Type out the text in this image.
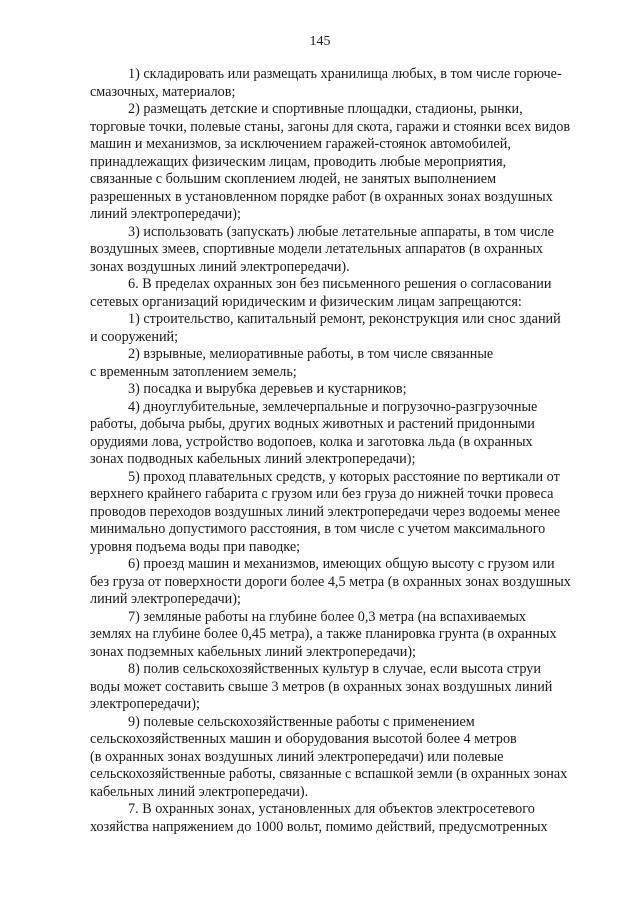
145

1) складировать или размещать хранилища любых, в том числе горюче-
смазочных, материалов;

2) размещать детские и спортивные площадки, стадионы, рынки,
торговые точки, полевые станы, загоны для скота, гаражи и стоянки всех видов
машин и механизмов, за исключением гаражей-стоянок автомобилей,
принадлежащих физическим лицам, проводить любые мероприятия,
связанные с большим скоплением людей, не занятых выполнением
разрешенных в установленном порядке работ (в охранных зонах воздушных
линий электропередачи);

3) использовать (запускать) любые летательные аппараты, в том числе
воздушных змеев, спортивные модели летательных аппаратов (в охранных
зонах воздушных линий электропередачи).

6. В пределах охранных зон без письменного решения о согласовании
сетевых организаций юридическим и физическим лицам запрещаются:

1) строительство, капитальный ремонт, реконструкция или снос зданий
и сооружений;

2) взрывные, мелиоративные работы, в том числе связанные
с временным затоплением земель;

3) посадка и вырубка деревьев и кустарников;

4) дноуглубительные, землечерпальные и погрузочно-разгрузочные
работы, добыча рыбы, других водных животных и растений придонными
орудиями лова, устройство водопоев, колка и заготовка льда (в охранных
зонах подводных кабельных линий электропередачи);

5) проход плавательных средств, у которых расстояние по вертикали от
верхнего крайнего габарита с грузом или без груза до нижней точки провеса
проводов переходов воздушных линий электропередачи через водоемы менее
минимально допустимого расстояния, в том числе с учетом максимального
уровня подъема воды при паводке;

6) проезд машин и механизмов, имеющих общую высоту с грузом или
без груза от поверхности дороги более 4,5 метра (в охранных зонах воздушных
линий электропередачи);

7) земляные работы на глубине более 0,3 метра (на вспахиваемых
землях на глубине более 0,45 метра), а также планировка грунта (в охранных
зонах подземных кабельных линий электропередачи);

8) полив сельскохозяйственных культур в случае, если высота струи
воды может составить свыше 3 метров (в охранных зонах воздушных линий
электропередачи);

9) полевые сельскохозяйственные работы с применением
сельскохозяйственных машин и оборудования высотой более 4 метров
(в охранных зонах воздушных линий электропередачи) или полевые
сельскохозяйственные работы, связанные с вспашкой земли (в охранных зонах
кабельных линий электропередачи).

7. В охранных зонах, установленных для объектов электросетевого
хозяйства напряжением до 1000 вольт, помимо действий, предусмотренных
